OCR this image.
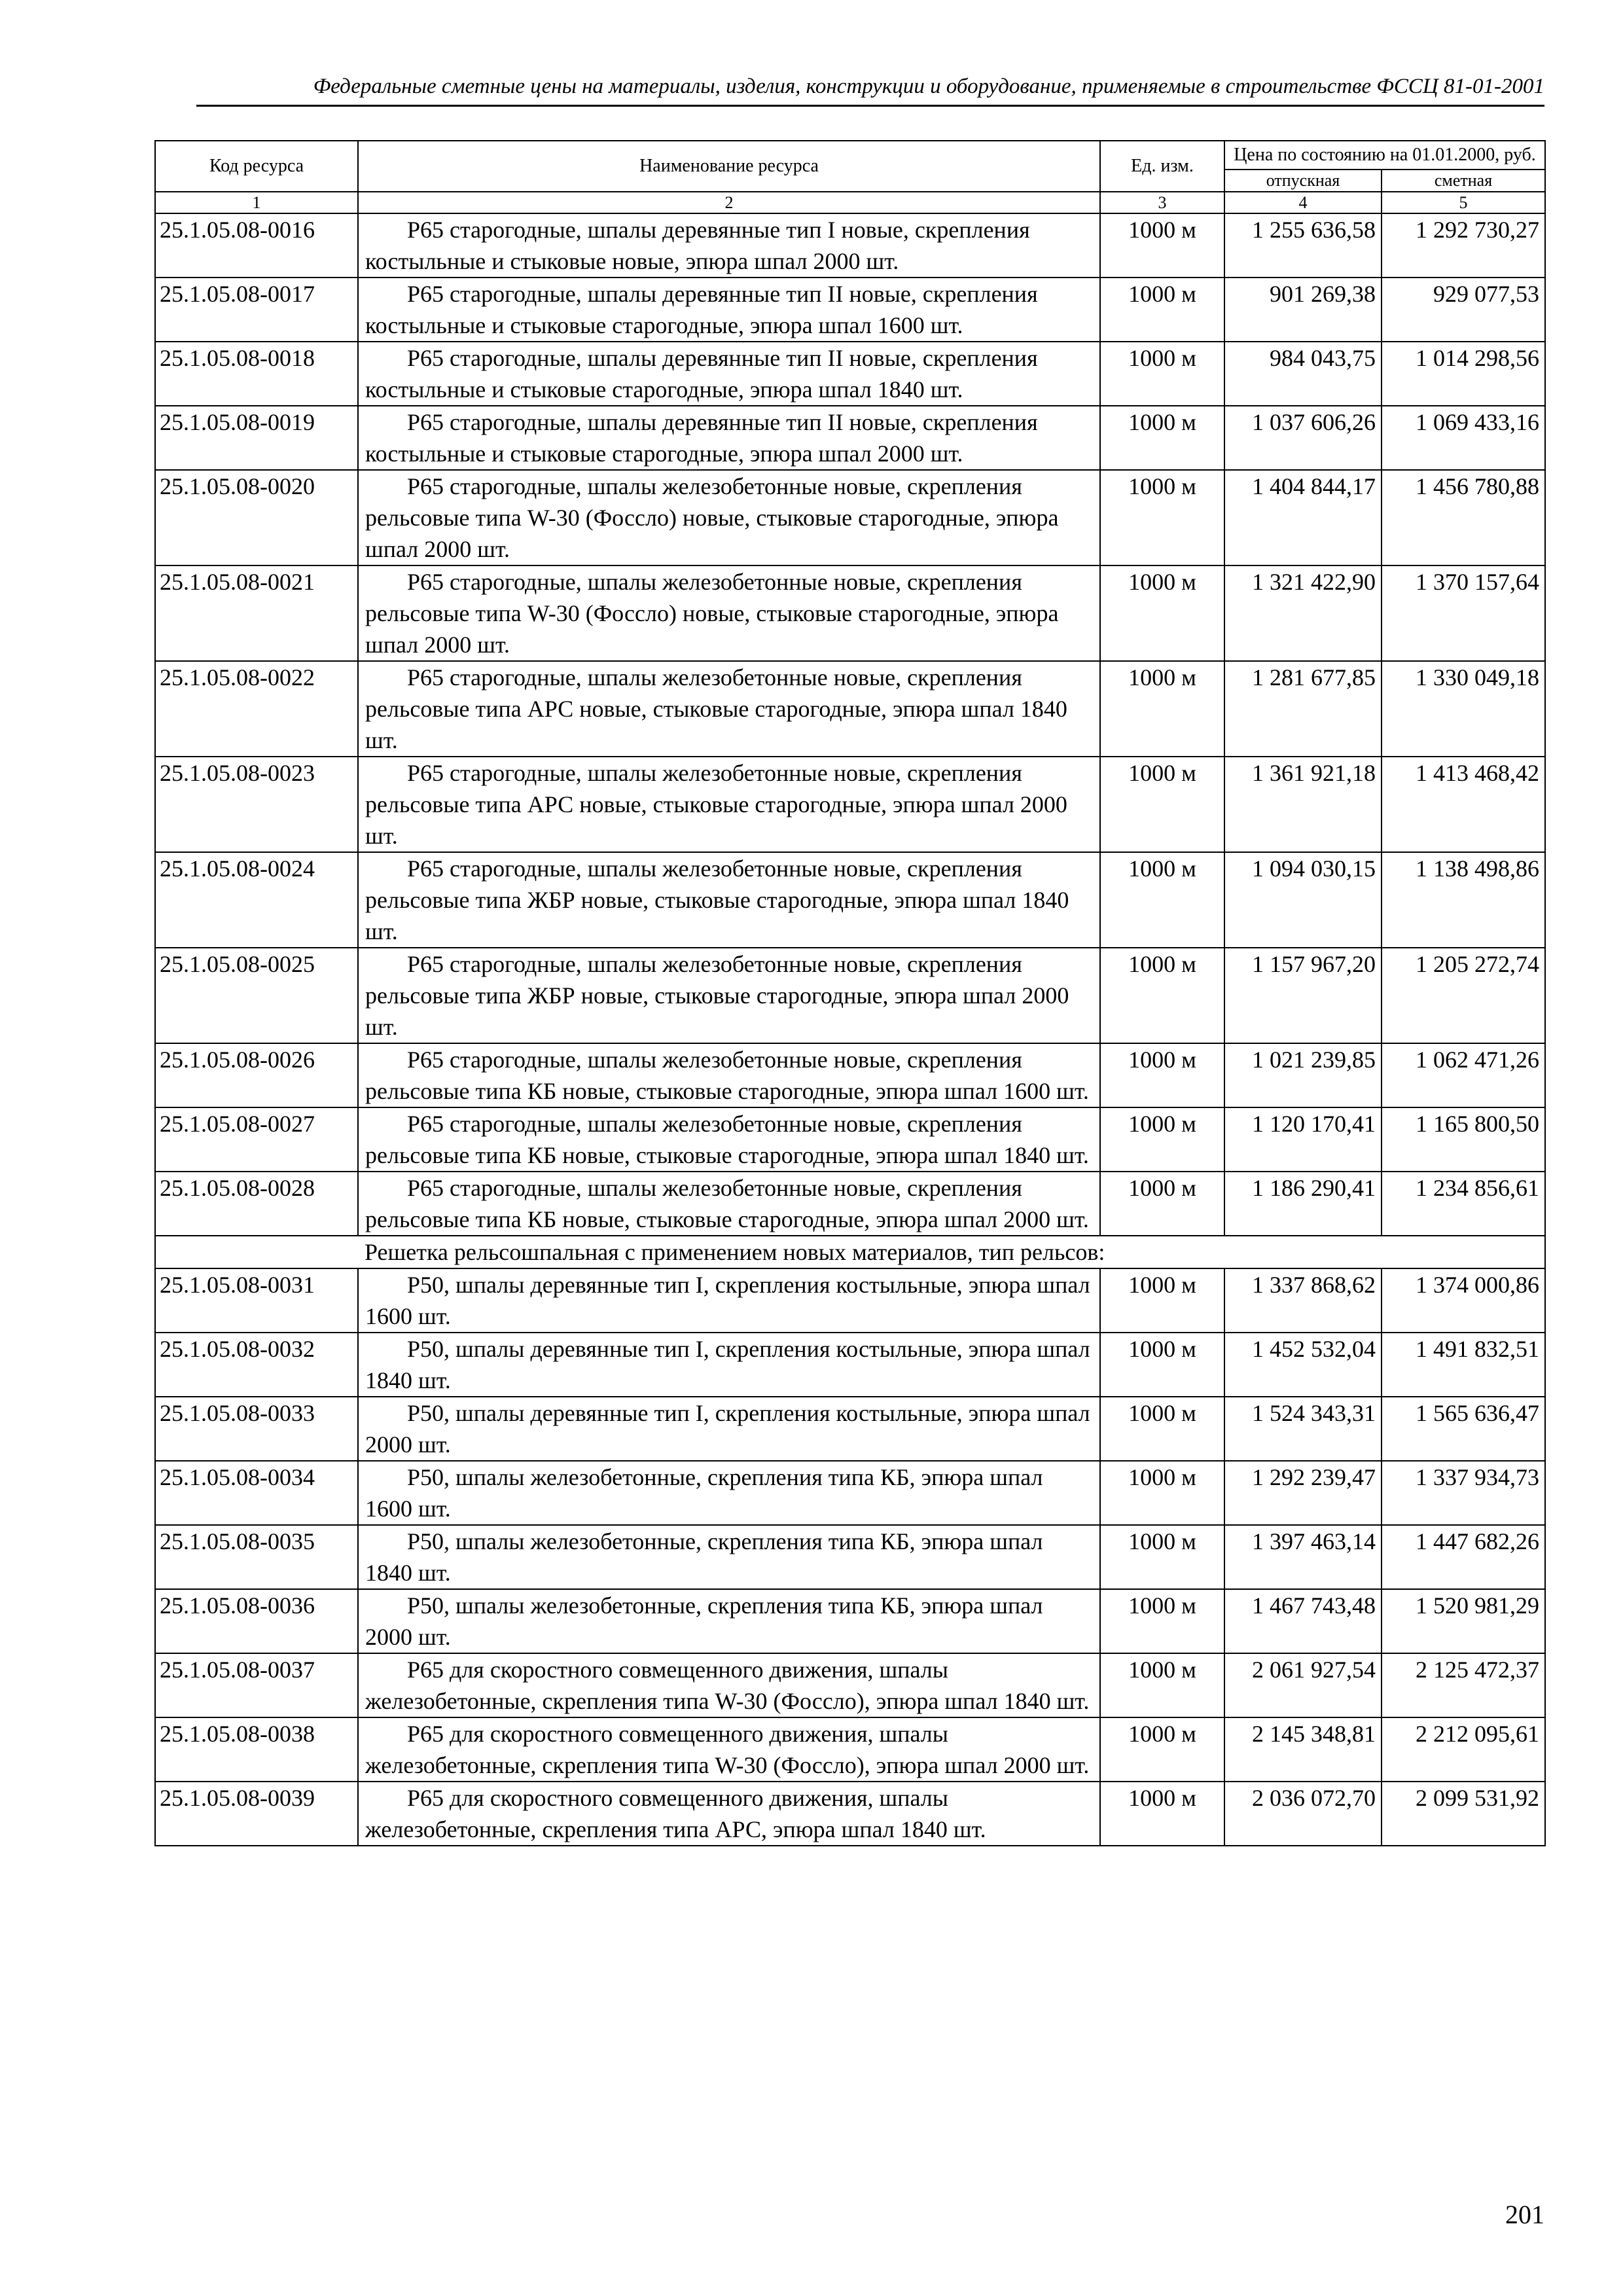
Федеральные сметные цены на материалы, изделия, конструкции и оборудование, применяемые в строительстве ФССЦ 81-01-2001
Код ресурса	Наименование ресурса	Ед. изм.	Цена по состоянию на 01.01.2000, руб.	
			отпускная	сметная
1	2	3	4	5
25.1.05.08-0016	Р65 старогодные, шпалы деревянные тип I новые, скрепления костыльные и стыковые новые, эпюра шпал 2000 шт.	1000 м	1 255 636,58	1 292 730,27
25.1.05.08-0017	Р65 старогодные, шпалы деревянные тип II новые, скрепления костыльные и стыковые старогодные, эпюра шпал 1600 шт.	1000 м	901 269,38	929 077,53
25.1.05.08-0018	Р65 старогодные, шпалы деревянные тип II новые, скрепления костыльные и стыковые старогодные, эпюра шпал 1840 шт.	1000 м	984 043,75	1 014 298,56
25.1.05.08-0019	Р65 старогодные, шпалы деревянные тип II новые, скрепления костыльные и стыковые старогодные, эпюра шпал 2000 шт.	1000 м	1 037 606,26	1 069 433,16
25.1.05.08-0020	Р65 старогодные, шпалы железобетонные новые, скрепления рельсовые типа W-30 (Фоссло) новые, стыковые старогодные, эпюра шпал 2000 шт.	1000 м	1 404 844,17	1 456 780,88
25.1.05.08-0021	Р65 старогодные, шпалы железобетонные новые, скрепления рельсовые типа W-30 (Фоссло) новые, стыковые старогодные, эпюра шпал 2000 шт.	1000 м	1 321 422,90	1 370 157,64
25.1.05.08-0022	Р65 старогодные, шпалы железобетонные новые, скрепления рельсовые типа АРС новые, стыковые старогодные, эпюра шпал 1840 шт.	1000 м	1 281 677,85	1 330 049,18
25.1.05.08-0023	Р65 старогодные, шпалы железобетонные новые, скрепления рельсовые типа АРС новые, стыковые старогодные, эпюра шпал 2000 шт.	1000 м	1 361 921,18	1 413 468,42
25.1.05.08-0024	Р65 старогодные, шпалы железобетонные новые, скрепления рельсовые типа ЖБР новые, стыковые старогодные, эпюра шпал 1840 шт.	1000 м	1 094 030,15	1 138 498,86
25.1.05.08-0025	Р65 старогодные, шпалы железобетонные новые, скрепления рельсовые типа ЖБР новые, стыковые старогодные, эпюра шпал 2000 шт.	1000 м	1 157 967,20	1 205 272,74
25.1.05.08-0026	Р65 старогодные, шпалы железобетонные новые, скрепления рельсовые типа КБ новые, стыковые старогодные, эпюра шпал 1600 шт.	1000 м	1 021 239,85	1 062 471,26
25.1.05.08-0027	Р65 старогодные, шпалы железобетонные новые, скрепления рельсовые типа КБ новые, стыковые старогодные, эпюра шпал 1840 шт.	1000 м	1 120 170,41	1 165 800,50
25.1.05.08-0028	Р65 старогодные, шпалы железобетонные новые, скрепления рельсовые типа КБ новые, стыковые старогодные, эпюра шпал 2000 шт.	1000 м	1 186 290,41	1 234 856,61
	Решетка рельсошпальная с применением новых материалов, тип рельсов:			
25.1.05.08-0031	Р50, шпалы деревянные тип I, скрепления костыльные, эпюра шпал 1600 шт.	1000 м	1 337 868,62	1 374 000,86
25.1.05.08-0032	Р50, шпалы деревянные тип I, скрепления костыльные, эпюра шпал 1840 шт.	1000 м	1 452 532,04	1 491 832,51
25.1.05.08-0033	Р50, шпалы деревянные тип I, скрепления костыльные, эпюра шпал 2000 шт.	1000 м	1 524 343,31	1 565 636,47
25.1.05.08-0034	Р50, шпалы железобетонные, скрепления типа КБ, эпюра шпал 1600 шт.	1000 м	1 292 239,47	1 337 934,73
25.1.05.08-0035	Р50, шпалы железобетонные, скрепления типа КБ, эпюра шпал 1840 шт.	1000 м	1 397 463,14	1 447 682,26
25.1.05.08-0036	Р50, шпалы железобетонные, скрепления типа КБ, эпюра шпал 2000 шт.	1000 м	1 467 743,48	1 520 981,29
25.1.05.08-0037	Р65 для скоростного совмещенного движения, шпалы железобетонные, скрепления типа W-30 (Фоссло), эпюра шпал 1840 шт.	1000 м	2 061 927,54	2 125 472,37
25.1.05.08-0038	Р65 для скоростного совмещенного движения, шпалы железобетонные, скрепления типа W-30 (Фоссло), эпюра шпал 2000 шт.	1000 м	2 145 348,81	2 212 095,61
25.1.05.08-0039	Р65 для скоростного совмещенного движения, шпалы железобетонные, скрепления типа АРС, эпюра шпал 1840 шт.	1000 м	2 036 072,70	2 099 531,92
201
